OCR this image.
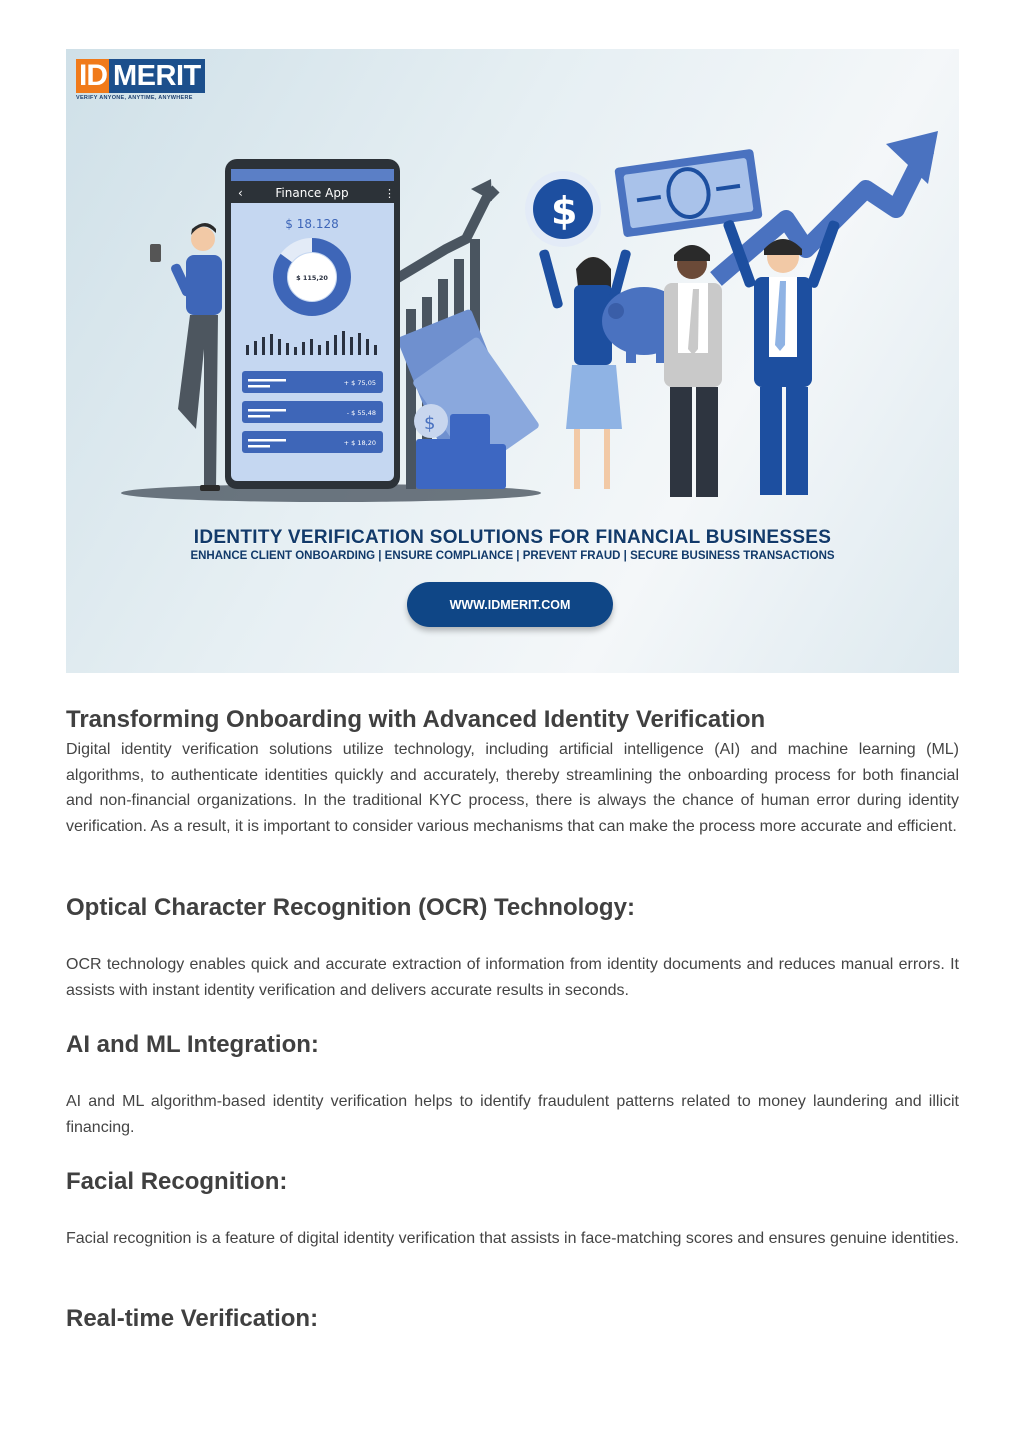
$
‹	⋮	$
Finance App
$ 18.128
$ 115,20
+ $ 75,05
- $ 55,48
+ $ 18,20
ID MERIT
VERIFY ANYONE, ANYTIME, ANYWHERE
IDENTITY VERIFICATION SOLUTIONS FOR FINANCIAL BUSINESSES
ENHANCE CLIENT ONBOARDING | ENSURE COMPLIANCE | PREVENT FRAUD | SECURE BUSINESS TRANSACTIONS
WWW.IDMERIT.COM
Transforming Onboarding with Advanced Identity Verification

Digital identity verification solutions utilize technology, including artificial intelligence (AI) and machine learning (ML) algorithms, to authenticate identities quickly and accurately, thereby streamlining the onboarding process for both financial and non-financial organizations. In the traditional KYC process, there is always the chance of human error during identity verification. As a result, it is important to consider various mechanisms that can make the process more accurate and efficient.

Optical Character Recognition (OCR) Technology:

OCR technology enables quick and accurate extraction of information from identity documents and reduces manual errors. It assists with instant identity verification and delivers accurate results in seconds.

AI and ML Integration:

AI and ML algorithm-based identity verification helps to identify fraudulent patterns related to money laundering and illicit financing.

Facial Recognition:

Facial recognition is a feature of digital identity verification that assists in face-matching scores and ensures genuine identities.

Real-time Verification:
